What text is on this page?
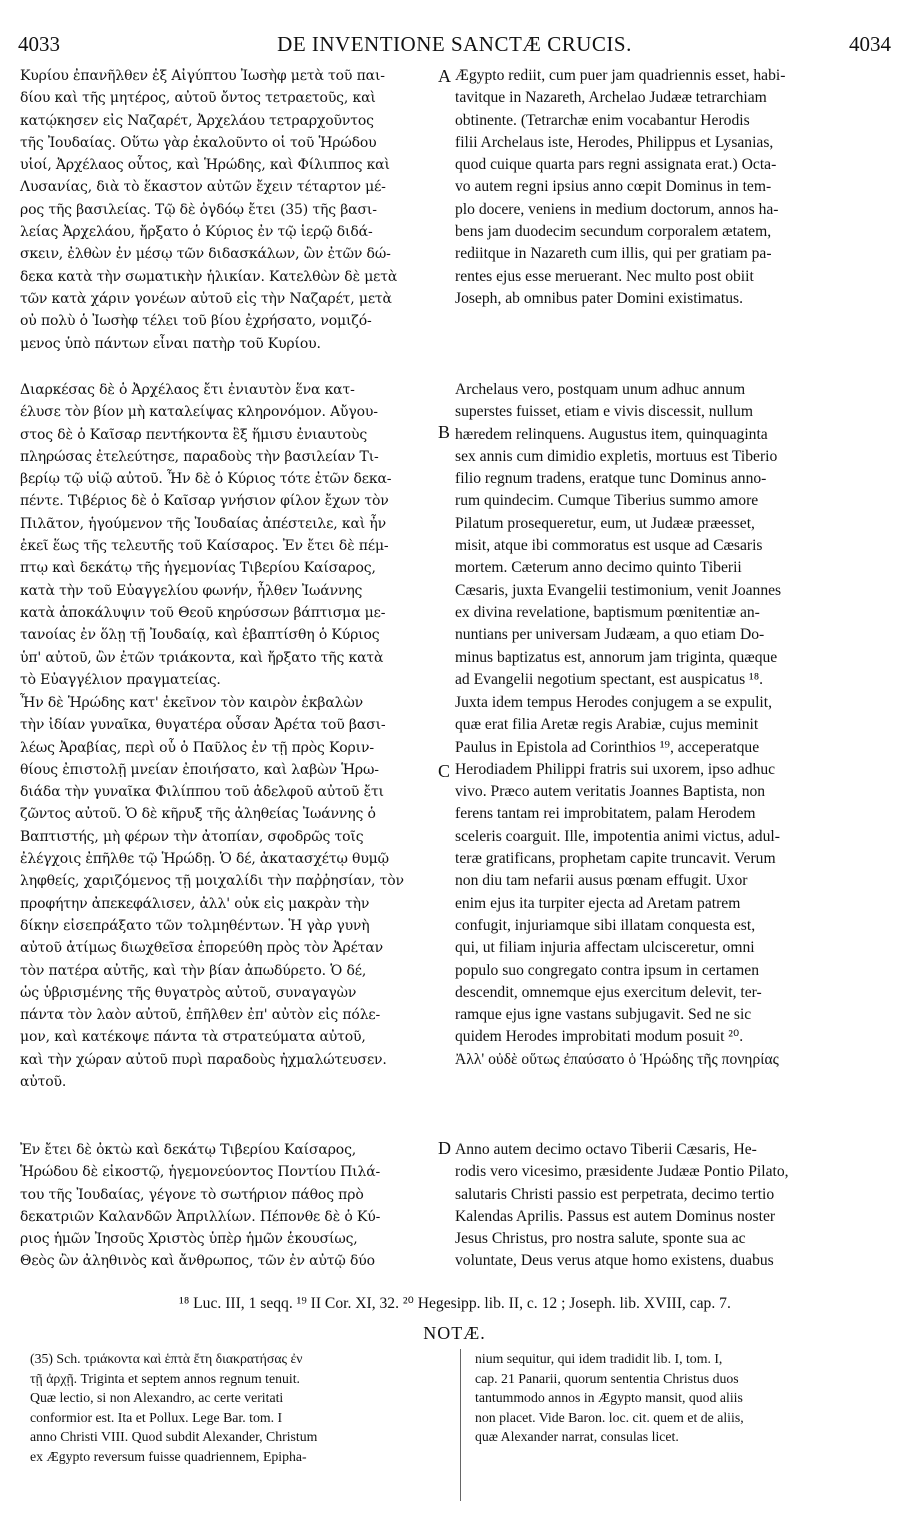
4033	DE INVENTIONE SANCTÆ CRUCIS.	4034
Κυρίου ἐπανῆλθεν ἐξ Αἰγύπτου Ἰωσὴφ μετὰ τοῦ παι-
δίου καὶ τῆς μητέρος, αὐτοῦ ὄντος τετραετοῦς, καὶ
κατῴκησεν εἰς Ναζαρέτ, Ἀρχελάου τετραρχοῦντος
τῆς Ἰουδαίας. Οὕτω γὰρ ἐκαλοῦντο οἱ τοῦ Ἡρώδου
υἱοί, Ἀρχέλαος οὗτος, καὶ Ἡρώδης, καὶ Φίλιππος καὶ
Λυσανίας, διὰ τὸ ἕκαστον αὐτῶν ἔχειν τέταρτον μέ-
ρος τῆς βασιλείας. Τῷ δὲ ὀγδόῳ ἔτει (35) τῆς βασι-
λείας Ἀρχελάου, ἤρξατο ὁ Κύριος ἐν τῷ ἱερῷ διδά-
σκειν, ἐλθὼν ἐν μέσῳ τῶν διδασκάλων, ὢν ἐτῶν δώ-
δεκα κατὰ τὴν σωματικὴν ἡλικίαν. Κατελθὼν δὲ μετὰ
τῶν κατὰ χάριν γονέων αὐτοῦ εἰς τὴν Ναζαρέτ, μετὰ
οὐ πολὺ ὁ Ἰωσὴφ τέλει τοῦ βίου ἐχρήσατο, νομιζό-
μενος ὑπὸ πάντων εἶναι πατὴρ τοῦ Κυρίου.
Ægypto rediit, cum puer jam quadriennis esset, habi-
tavitque in Nazareth, Archelao Judææ tetrarchiam
obtinente. (Tetrarchæ enim vocabantur Herodis
filii Archelaus iste, Herodes, Philippus et Lysanias,
quod cuique quarta pars regni assignata erat.) Octa-
vo autem regni ipsius anno cœpit Dominus in tem-
plo docere, veniens in medium doctorum, annos ha-
bens jam duodecim secundum corporalem ætatem,
rediitque in Nazareth cum illis, qui per gratiam pa-
rentes ejus esse meruerant. Nec multo post obiit
Joseph, ab omnibus pater Domini existimatus.
Διαρκέσας δὲ ὁ Ἀρχέλαος ἔτι ἐνιαυτὸν ἕνα κατ-
έλυσε τὸν βίον μὴ καταλείψας κληρονόμον. Αὔγου-
στος δὲ ὁ Καῖσαρ πεντήκοντα ἓξ ἥμισυ ἐνιαυτοὺς
πληρώσας ἐτελεύτησε, παραδοὺς τὴν βασιλείαν Τι-
βερίῳ τῷ υἱῷ αὐτοῦ. Ἦν δὲ ὁ Κύριος τότε ἐτῶν δεκα-
πέντε. Τιβέριος δὲ ὁ Καῖσαρ γνήσιον φίλον ἔχων τὸν
Πιλᾶτον, ἡγούμενον τῆς Ἰουδαίας ἀπέστειλε, καὶ ἦν
ἐκεῖ ἕως τῆς τελευτῆς τοῦ Καίσαρος. Ἐν ἔτει δὲ πέμ-
πτῳ καὶ δεκάτῳ τῆς ἡγεμονίας Τιβερίου Καίσαρος,
κατὰ τὴν τοῦ Εὐαγγελίου φωνήν, ἦλθεν Ἰωάννης
κατὰ ἀποκάλυψιν τοῦ Θεοῦ κηρύσσων βάπτισμα με-
τανοίας ἐν ὅλῃ τῇ Ἰουδαίᾳ, καὶ ἐβαπτίσθη ὁ Κύριος
ὑπ' αὐτοῦ, ὢν ἐτῶν τριάκοντα, καὶ ἤρξατο τῆς κατὰ
τὸ Εὐαγγέλιον πραγματείας.
Archelaus vero, postquam unum adhuc annum
superstes fuisset, etiam e vivis discessit, nullum
hæredem relinquens. Augustus item, quinquaginta
sex annis cum dimidio expletis, mortuus est Tiberio
filio regnum tradens, eratque tunc Dominus anno-
rum quindecim. Cumque Tiberius summo amore
Pilatum prosequeretur, eum, ut Judææ præesset,
misit, atque ibi commoratus est usque ad Cæsaris
mortem. Cæterum anno decimo quinto Tiberii
Cæsaris, juxta Evangelii testimonium, venit Joannes
ex divina revelatione, baptismum pœnitentiæ an-
nuntians per universam Judæam, a quo etiam Do-
minus baptizatus est, annorum jam triginta, quæque
ad Evangelii negotium spectant, est auspicatus ¹⁸.
Ἦν δὲ Ἡρώδης κατ' ἐκεῖνον τὸν καιρὸν ἐκβαλὼν
τὴν ἰδίαν γυναῖκα, θυγατέρα οὖσαν Ἀρέτα τοῦ βασι-
λέως Ἀραβίας, περὶ οὗ ὁ Παῦλος ἐν τῇ πρὸς Κοριν-
θίους ἐπιστολῇ μνείαν ἐποιήσατο, καὶ λαβὼν Ἡρω-
διάδα τὴν γυναῖκα Φιλίππου τοῦ ἀδελφοῦ αὐτοῦ ἔτι
ζῶντος αὐτοῦ. Ὁ δὲ κῆρυξ τῆς ἀληθείας Ἰωάννης ὁ
Βαπτιστής, μὴ φέρων τὴν ἀτοπίαν, σφοδρῶς τοῖς
ἐλέγχοις ἐπῆλθε τῷ Ἡρώδῃ. Ὁ δέ, ἀκατασχέτῳ θυμῷ
ληφθείς, χαριζόμενος τῇ μοιχαλίδι τὴν παῤῥησίαν, τὸν
προφήτην ἀπεκεφάλισεν, ἀλλ' οὐκ εἰς μακρὰν τὴν
δίκην εἰσεπράξατο τῶν τολμηθέντων. Ἡ γὰρ γυνὴ
αὐτοῦ ἀτίμως διωχθεῖσα ἐπορεύθη πρὸς τὸν Ἀρέταν
τὸν πατέρα αὐτῆς, καὶ τὴν βίαν ἀπωδύρετο. Ὁ δέ,
ὡς ὑβρισμένης τῆς θυγατρὸς αὐτοῦ, συναγαγὼν
πάντα τὸν λαὸν αὐτοῦ, ἐπῆλθεν ἐπ' αὐτὸν εἰς πόλε-
μον, καὶ κατέκοψε πάντα τὰ στρατεύματα αὐτοῦ,
καὶ τὴν χώραν αὐτοῦ πυρὶ παραδοὺς ἠχμαλώτευσεν.
αὐτοῦ.
Juxta idem tempus Herodes conjugem a se expulit,
quæ erat filia Aretæ regis Arabiæ, cujus meminit
Paulus in Epistola ad Corinthios ¹⁹, acceperatque
Herodiadem Philippi fratris sui uxorem, ipso adhuc
vivo. Præco autem veritatis Joannes Baptista, non
ferens tantam rei improbitatem, palam Herodem
sceleris coarguit. Ille, impotentia animi victus, adul-
teræ gratificans, prophetam capite truncavit. Verum
non diu tam nefarii ausus pœnam effugit. Uxor
enim ejus ita turpiter ejecta ad Aretam patrem
confugit, injuriamque sibi illatam conquesta est,
qui, ut filiam injuria affectam ulcisceretur, omni
populo suo congregato contra ipsum in certamen
descendit, omnemque ejus exercitum delevit, ter-
ramque ejus igne vastans subjugavit. Sed ne sic
quidem Herodes improbitati modum posuit ²⁰.
Ἀλλ' οὐδὲ οὕτως ἐπαύσατο ὁ Ἡρώδης τῆς πονηρίας
Ἐν ἔτει δὲ ὀκτὼ καὶ δεκάτῳ Τιβερίου Καίσαρος,
Ἡρώδου δὲ εἰκοστῷ, ἡγεμονεύοντος Ποντίου Πιλά-
του τῆς Ἰουδαίας, γέγονε τὸ σωτήριον πάθος πρὸ
δεκατριῶν Καλανδῶν Ἀπριλλίων. Πέπονθε δὲ ὁ Κύ-
ριος ἡμῶν Ἰησοῦς Χριστὸς ὑπὲρ ἡμῶν ἑκουσίως,
Θεὸς ὢν ἀληθινὸς καὶ ἄνθρωπος, τῶν ἐν αὐτῷ δύο
Anno autem decimo octavo Tiberii Cæsaris, He-
rodis vero vicesimo, præsidente Judææ Pontio Pilato,
salutaris Christi passio est perpetrata, decimo tertio
Kalendas Aprilis. Passus est autem Dominus noster
Jesus Christus, pro nostra salute, sponte sua ac
voluntate, Deus verus atque homo existens, duabus
A
B
C
D
¹⁸ Luc. III, 1 seqq. ¹⁹ II Cor. XI, 32. ²⁰ Hegesipp. lib. II, c. 12 ; Joseph. lib. XVIII, cap. 7.
NOTÆ.
(35) Sch. τριάκοντα καὶ ἑπτὰ ἔτη διακρατήσας ἐν
τῇ ἀρχῇ. Triginta et septem annos regnum tenuit.
Quæ lectio, si non Alexandro, ac certe veritati
conformior est. Ita et Pollux. Lege Bar. tom. I
anno Christi VIII. Quod subdit Alexander, Christum
ex Ægypto reversum fuisse quadriennem, Epipha-
nium sequitur, qui idem tradidit lib. I, tom. I,
cap. 21 Panarii, quorum sententia Christus duos
tantummodo annos in Ægypto mansit, quod aliis
non placet. Vide Baron. loc. cit. quem et de aliis,
quæ Alexander narrat, consulas licet.
